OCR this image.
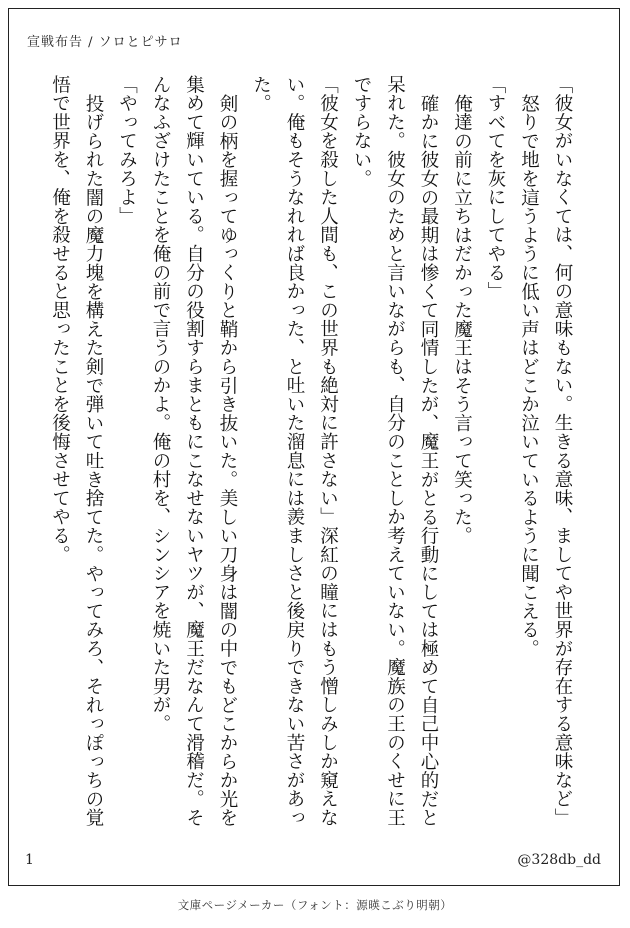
宣戦布告 / ソロとピサロ

「彼女がいなくては、何の意味もない。生きる意味、ましてや世界が存在する意味など」

怒りで地を這うように低い声はどこか泣いているように聞こえる。

「すべてを灰にしてやる」

俺達の前に立ちはだかった魔王はそう言って笑った。

確かに彼女の最期は惨くて同情したが、魔王がとる行動にしては極めて自己中心的だと呆れた。彼女のためと言いながらも、自分のことしか考えていない。魔族の王のくせに王ですらない。

「彼女を殺した人間も、この世界も絶対に許さない」深紅の瞳にはもう憎しみしか窺えない。俺もそうなれれば良かった、と吐いた溜息には羨ましさと後戻りできない苦さがあった。

剣の柄を握ってゆっくりと鞘から引き抜いた。美しい刀身は闇の中でもどこからか光を集めて輝いている。自分の役割すらまともにこなせないヤツが、魔王だなんて滑稽だ。そんなふざけたことを俺の前で言うのかよ。俺の村を、シンシアを焼いた男が。

「やってみろよ」

投げられた闇の魔力塊を構えた剣で弾いて吐き捨てた。やってみろ、それっぽっちの覚悟で世界を、俺を殺せると思ったことを後悔させてやる。

1	@328db_dd
文庫ページメーカー（フォント：源暎こぶり明朝）
